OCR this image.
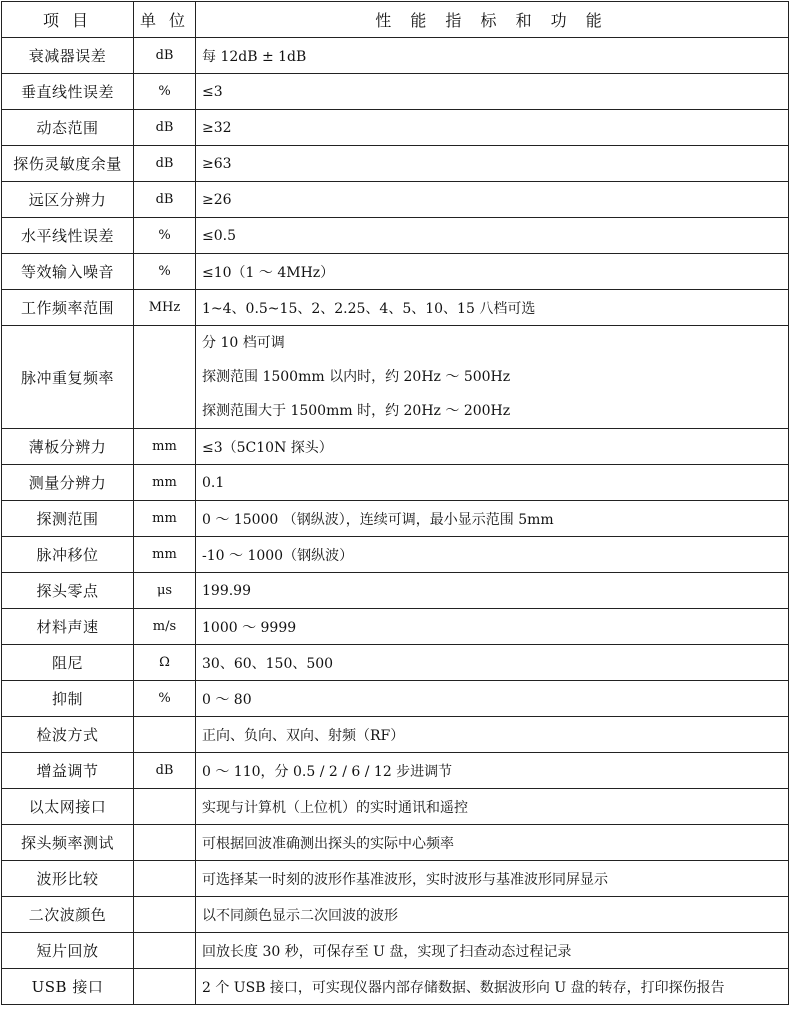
项 目	单 位	性 能 指 标 和 功 能
衰减器误差	dB	每 12dB ± 1dB
垂直线性误差	%	≤3
动态范围	dB	≥32
探伤灵敏度余量	dB	≥63
远区分辨力	dB	≥26
水平线性误差	%	≤0.5
等效输入噪音	%	≤10（1 ～ 4MHz）
工作频率范围	MHz	1~4、0.5~15、2、2.25、4、5、10、15 八档可选
脉冲重复频率		分 10 档可调
探测范围 1500mm 以内时，约 20Hz ～ 500Hz
探测范围大于 1500mm 时，约 20Hz ～ 200Hz

薄板分辨力	mm	≤3（5C10N 探头）
测量分辨力	mm	0.1
探测范围	mm	0 ～ 15000 （钢纵波），连续可调，最小显示范围 5mm
脉冲移位	mm	-10 ～ 1000（钢纵波）
探头零点	μs	199.99
材料声速	m/s	1000 ～ 9999
阻尼	Ω	30、60、150、500
抑制	%	0 ～ 80
检波方式		正向、负向、双向、射频（RF）
增益调节	dB	0 ～ 110，分 0.5 / 2 / 6 / 12 步进调节
以太网接口		实现与计算机（上位机）的实时通讯和遥控
探头频率测试		可根据回波准确测出探头的实际中心频率
波形比较		可选择某一时刻的波形作基准波形，实时波形与基准波形同屏显示
二次波颜色		以不同颜色显示二次回波的波形
短片回放		回放长度 30 秒，可保存至 U 盘，实现了扫查动态过程记录
USB 接口		2 个 USB 接口，可实现仪器内部存储数据、数据波形向 U 盘的转存，打印探伤报告
